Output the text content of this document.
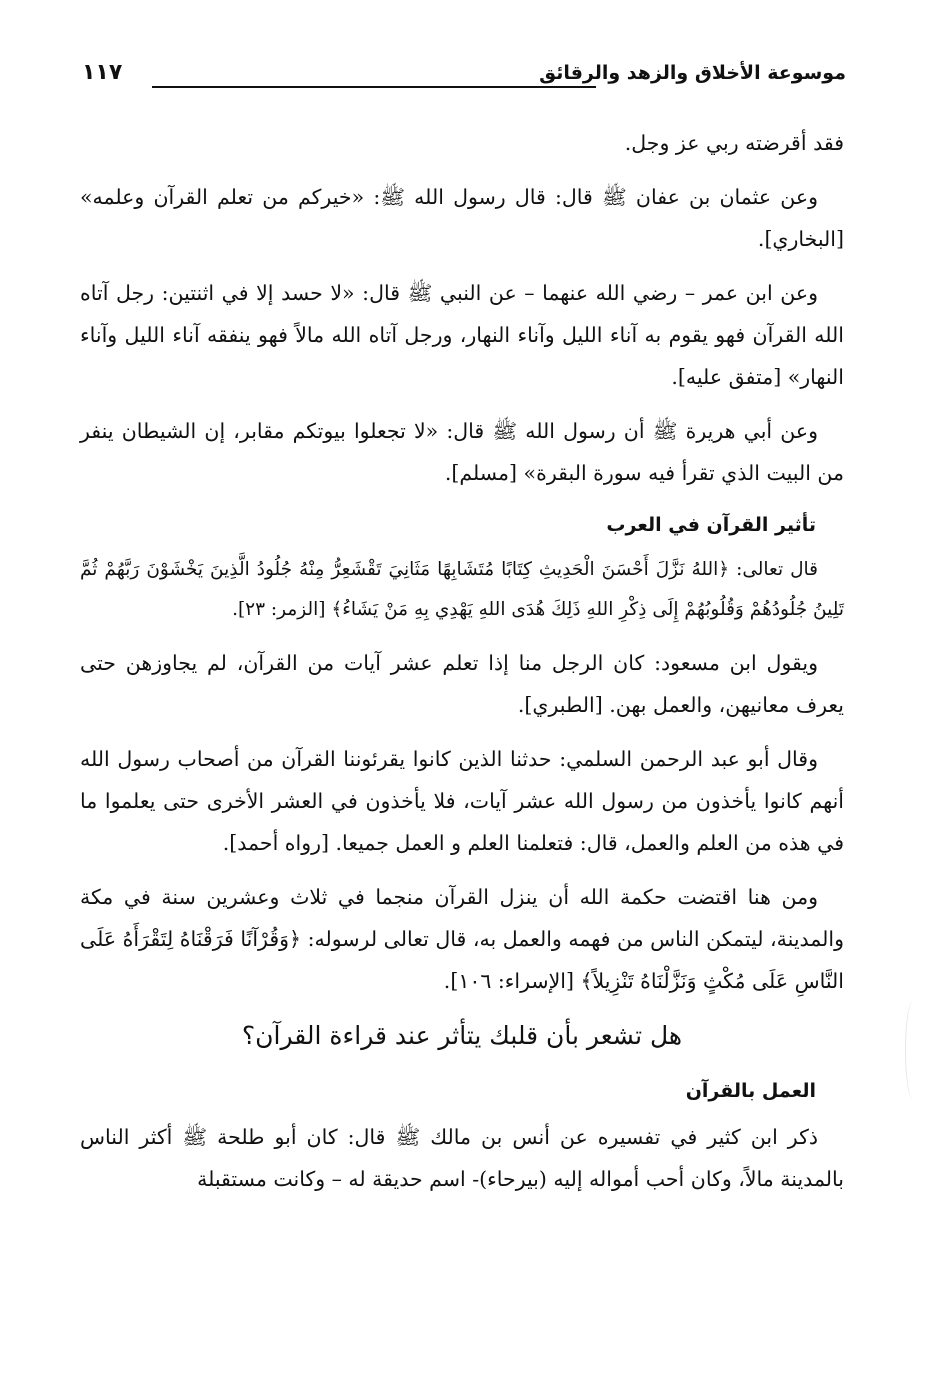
موسوعة الأخلاق والزهد والرقائق
١١٧

فقد أقرضته ربي عز وجل.

وعن عثمان بن عفان ﷺ قال: قال رسول الله ﷺ: «خيركم من تعلم القرآن وعلمه» [البخاري].

وعن ابن عمر – رضي الله عنهما – عن النبي ﷺ قال: «لا حسد إلا في اثنتين: رجل آتاه الله القرآن فهو يقوم به آناء الليل وآناء النهار، ورجل آتاه الله مالاً فهو ينفقه آناء الليل وآناء النهار» [متفق عليه].

وعن أبي هريرة ﷺ أن رسول الله ﷺ قال: «لا تجعلوا بيوتكم مقابر، إن الشيطان ينفر من البيت الذي تقرأ فيه سورة البقرة» [مسلم].

تأثير القرآن في العرب

قال تعالى: ﴿اللهُ نَزَّلَ أَحْسَنَ الْحَدِيثِ كِتَابًا مُتَشَابِهًا مَثَانِيَ تَقْشَعِرُّ مِنْهُ جُلُودُ الَّذِينَ يَخْشَوْنَ رَبَّهُمْ ثُمَّ تَلِينُ جُلُودُهُمْ وَقُلُوبُهُمْ إِلَى ذِكْرِ اللهِ ذَلِكَ هُدَى اللهِ يَهْدِي بِهِ مَنْ يَشَاءُ﴾ [الزمر: ٢٣].

ويقول ابن مسعود: كان الرجل منا إذا تعلم عشر آيات من القرآن، لم يجاوزهن حتى يعرف معانيهن، والعمل بهن. [الطبري].

وقال أبو عبد الرحمن السلمي: حدثنا الذين كانوا يقرئوننا القرآن من أصحاب رسول الله أنهم كانوا يأخذون من رسول الله عشر آيات، فلا يأخذون في العشر الأخرى حتى يعلموا ما في هذه من العلم والعمل، قال: فتعلمنا العلم و العمل جميعا. [رواه أحمد].

ومن هنا اقتضت حكمة الله أن ينزل القرآن منجما في ثلاث وعشرين سنة في مكة والمدينة، ليتمكن الناس من فهمه والعمل به، قال تعالى لرسوله: ﴿وَقُرْآنًا فَرَقْنَاهُ لِتَقْرَأَهُ عَلَى النَّاسِ عَلَى مُكْثٍ وَنَزَّلْنَاهُ تَنْزِيلاً﴾ [الإسراء: ١٠٦].

هل تشعر بأن قلبك يتأثر عند قراءة القرآن؟
العمل بالقرآن

ذكر ابن كثير في تفسيره عن أنس بن مالك ﷺ قال: كان أبو طلحة ﷺ أكثر الناس بالمدينة مالاً، وكان أحب أمواله إليه (بيرحاء)- اسم حديقة له – وكانت مستقبلة
